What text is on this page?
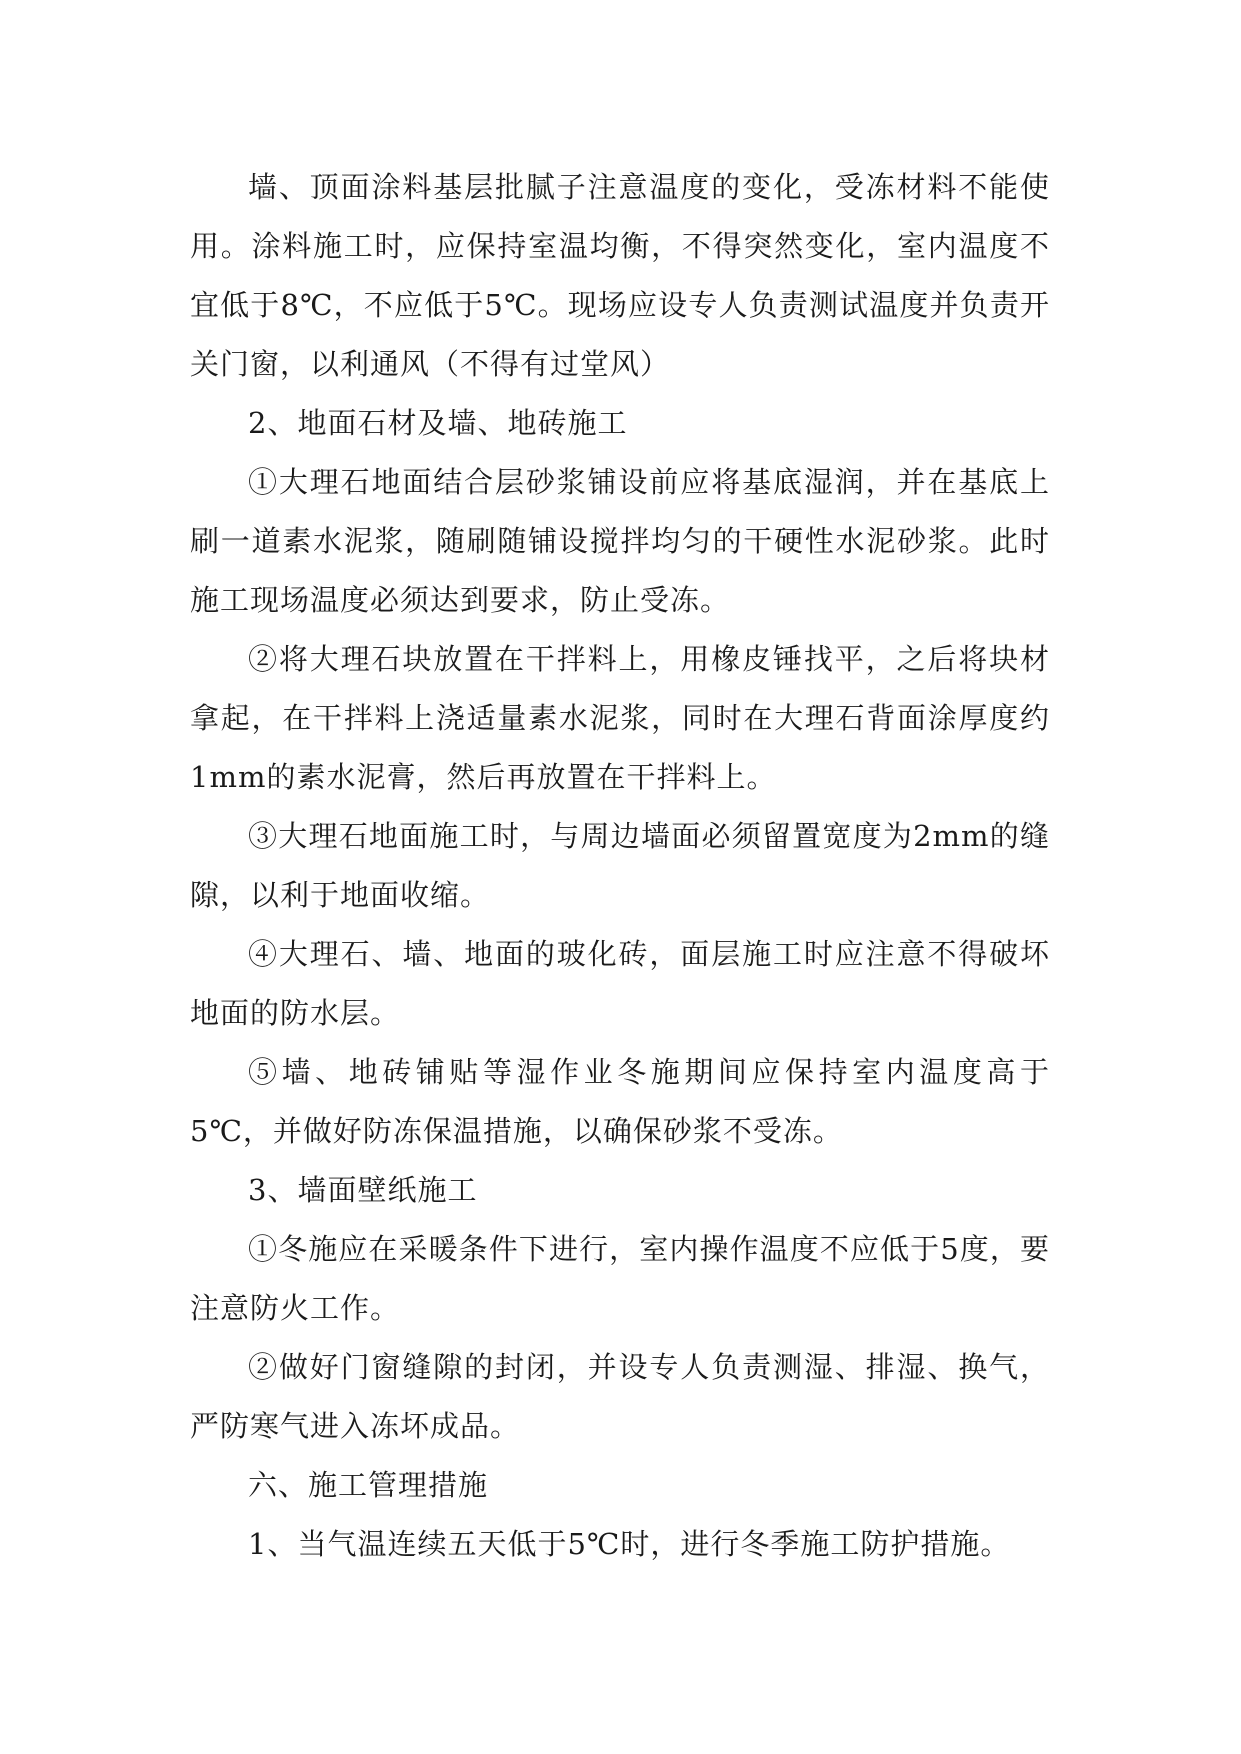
墙、顶面涂料基层批腻子注意温度的变化，受冻材料不能使用。涂料施工时，应保持室温均衡，不得突然变化，室内温度不宜低于8℃，不应低于5℃。现场应设专人负责测试温度并负责开关门窗，以利通风（不得有过堂风）

2、地面石材及墙、地砖施工

①大理石地面结合层砂浆铺设前应将基底湿润，并在基底上刷一道素水泥浆，随刷随铺设搅拌均匀的干硬性水泥砂浆。此时施工现场温度必须达到要求，防止受冻。

②将大理石块放置在干拌料上，用橡皮锤找平，之后将块材拿起，在干拌料上浇适量素水泥浆，同时在大理石背面涂厚度约1mm的素水泥膏，然后再放置在干拌料上。

③大理石地面施工时，与周边墙面必须留置宽度为2mm的缝隙，以利于地面收缩。

④大理石、墙、地面的玻化砖，面层施工时应注意不得破坏地面的防水层。

⑤墙、地砖铺贴等湿作业冬施期间应保持室内温度高于5℃，并做好防冻保温措施，以确保砂浆不受冻。

3、墙面壁纸施工

①冬施应在采暖条件下进行，室内操作温度不应低于5度，要注意防火工作。

②做好门窗缝隙的封闭，并设专人负责测湿、排湿、换气，严防寒气进入冻坏成品。

六、施工管理措施

1、当气温连续五天低于5℃时，进行冬季施工防护措施。
